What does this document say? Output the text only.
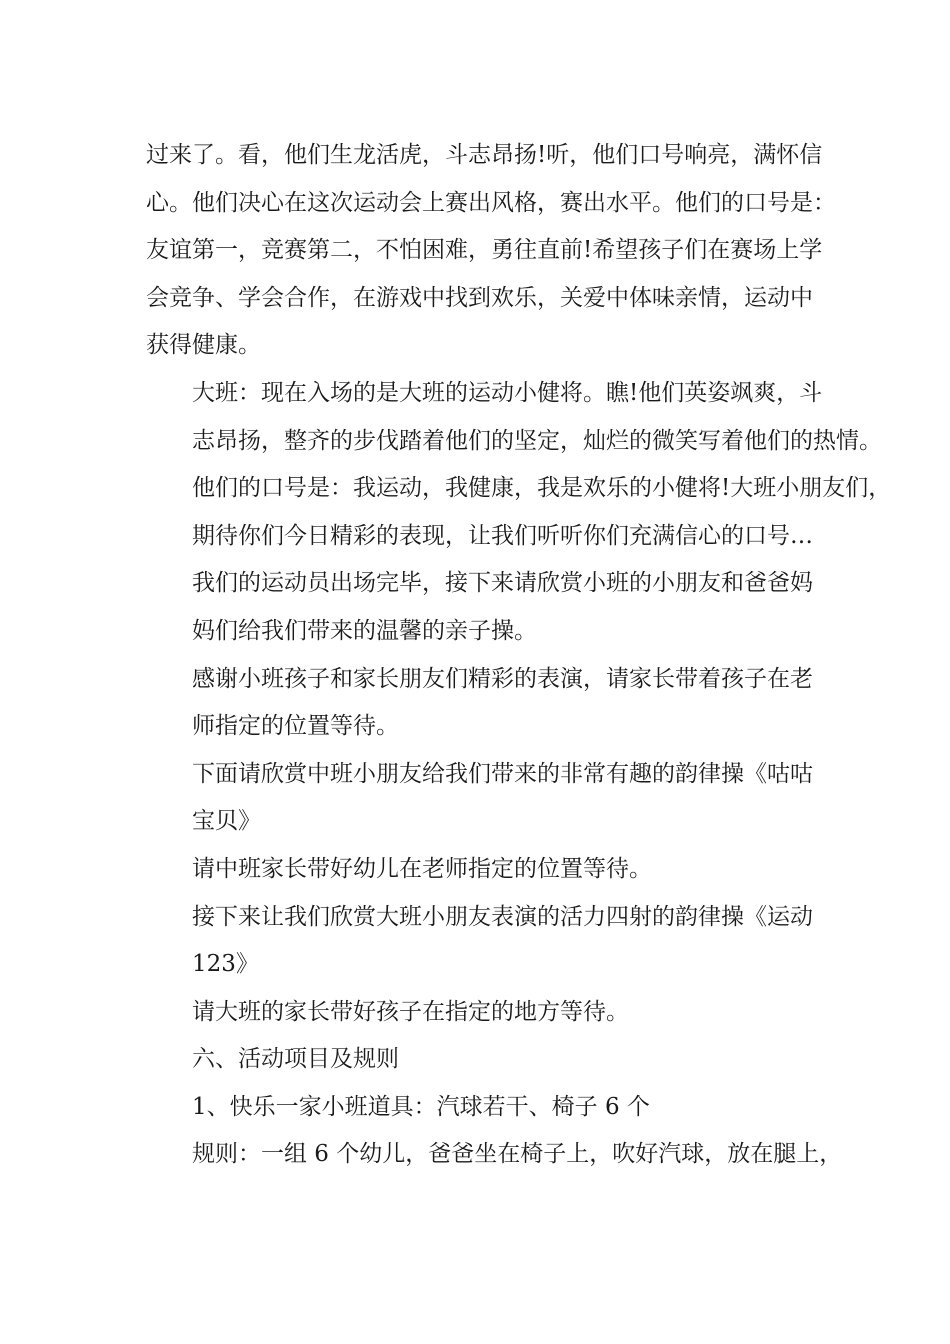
过来了。看，他们生龙活虎，斗志昂扬!听，他们口号响亮，满怀信
心。他们决心在这次运动会上赛出风格，赛出水平。他们的口号是：
友谊第一，竞赛第二，不怕困难，勇往直前!希望孩子们在赛场上学
会竞争、学会合作，在游戏中找到欢乐，关爱中体味亲情，运动中
获得健康。

大班：现在入场的是大班的运动小健将。瞧!他们英姿飒爽，斗
志昂扬，整齐的步伐踏着他们的坚定，灿烂的微笑写着他们的热情。
他们的口号是：我运动，我健康，我是欢乐的小健将!大班小朋友们，
期待你们今日精彩的表现，让我们听听你们充满信心的口号…

我们的运动员出场完毕，接下来请欣赏小班的小朋友和爸爸妈
妈们给我们带来的温馨的亲子操。

感谢小班孩子和家长朋友们精彩的表演，请家长带着孩子在老
师指定的位置等待。

下面请欣赏中班小朋友给我们带来的非常有趣的韵律操《咕咕
宝贝》

请中班家长带好幼儿在老师指定的位置等待。

接下来让我们欣赏大班小朋友表演的活力四射的韵律操《运动
123》

请大班的家长带好孩子在指定的地方等待。

六、活动项目及规则

1、快乐一家小班道具：汽球若干、椅子 6 个

规则：一组 6 个幼儿，爸爸坐在椅子上，吹好汽球，放在腿上，
